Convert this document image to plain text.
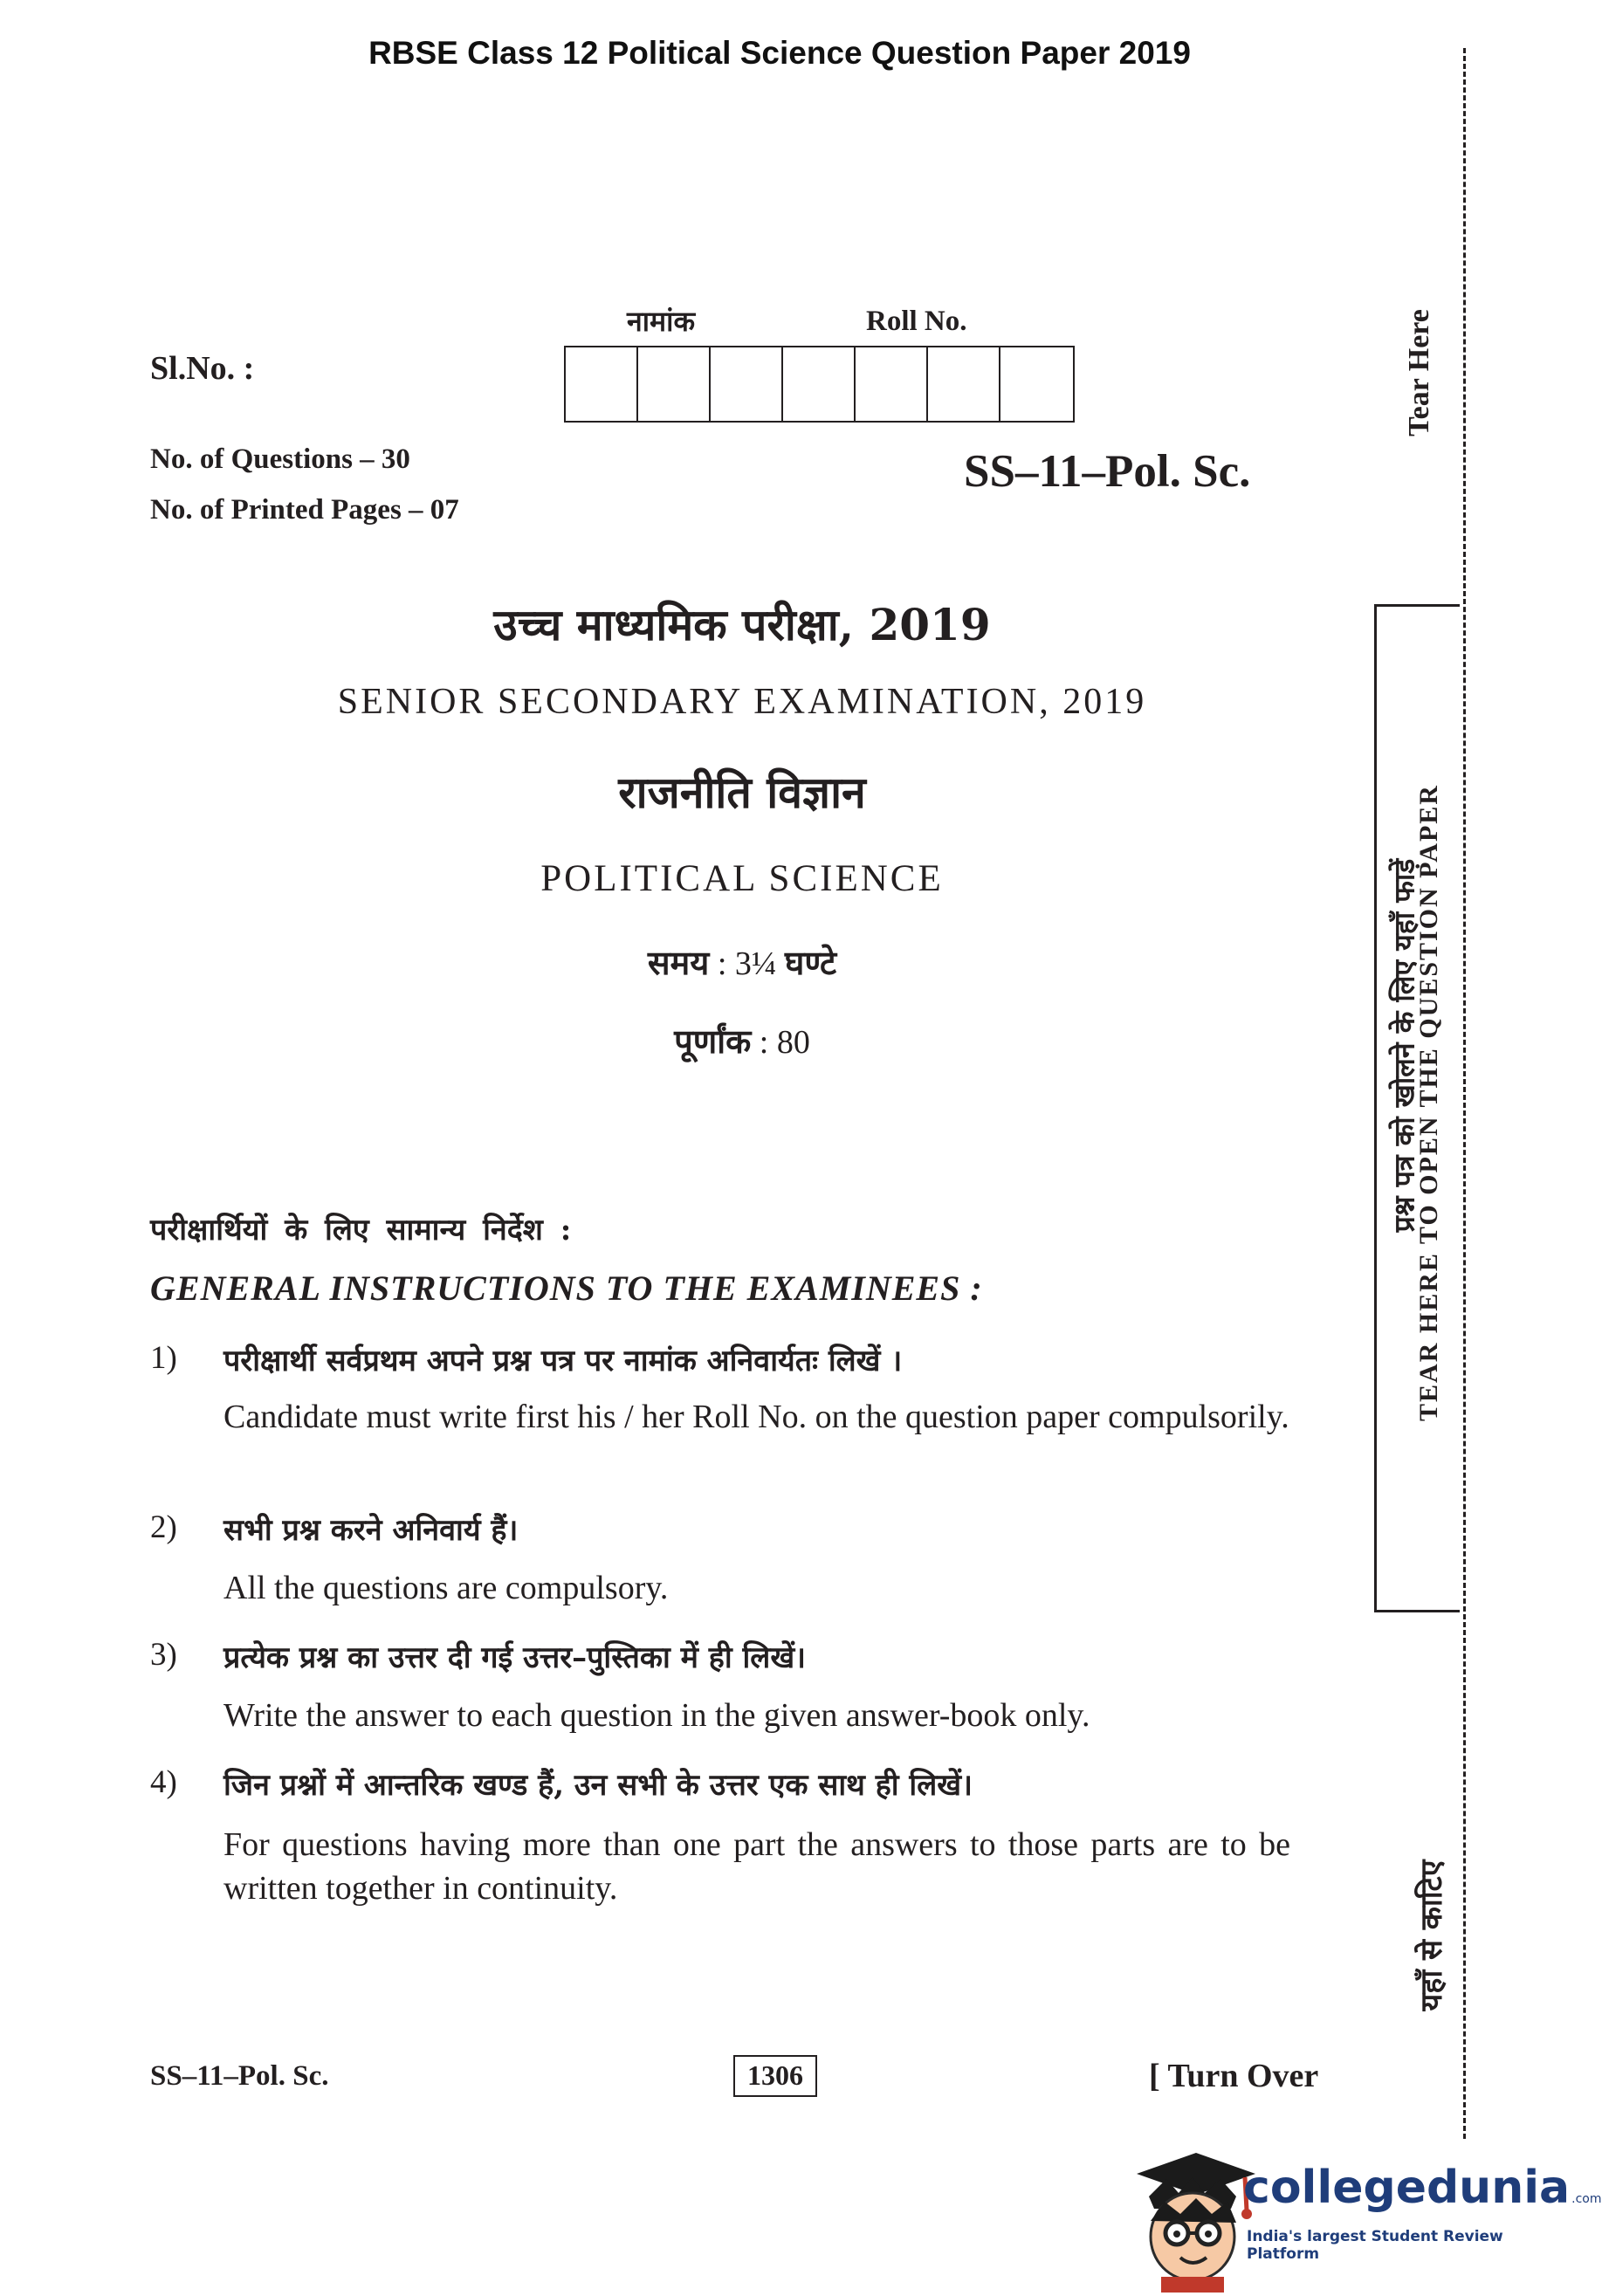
RBSE Class 12 Political Science Question Paper 2019
नामांक	Roll No.
Sl.No. :
No. of Questions – 30
No. of Printed Pages – 07
SS–11–Pol. Sc.
उच्च माध्यमिक परीक्षा, 2019
SENIOR SECONDARY EXAMINATION, 2019
राजनीति विज्ञान
POLITICAL SCIENCE
समय : 3¼ घण्टे
पूर्णांक : 80
परीक्षार्थियों के लिए सामान्य निर्देश :
GENERAL INSTRUCTIONS TO THE EXAMINEES :
1) परीक्षार्थी सर्वप्रथम अपने प्रश्न पत्र पर नामांक अनिवार्यतः लिखें ।
Candidate must write first his / her Roll No. on the question paper compulsorily.
2) सभी प्रश्न करने अनिवार्य हैं।
All the questions are compulsory.
3) प्रत्येक प्रश्न का उत्तर दी गई उत्तर–पुस्तिका में ही लिखें।
Write the answer to each question in the given answer-book only.
4) जिन प्रश्नों में आन्तरिक खण्ड हैं, उन सभी के उत्तर एक साथ ही लिखें।
For questions having more than one part the answers to those parts are to be written together in continuity.
Tear Here
प्रश्न पत्र को खोलने के लिए यहाँ फाड़ें
TEAR HERE TO OPEN THE QUESTION PAPER
यहाँ से काटिए
SS–11–Pol. Sc.	1306	[ Turn Over
collegedunia .com
India's largest Student Review Platform
